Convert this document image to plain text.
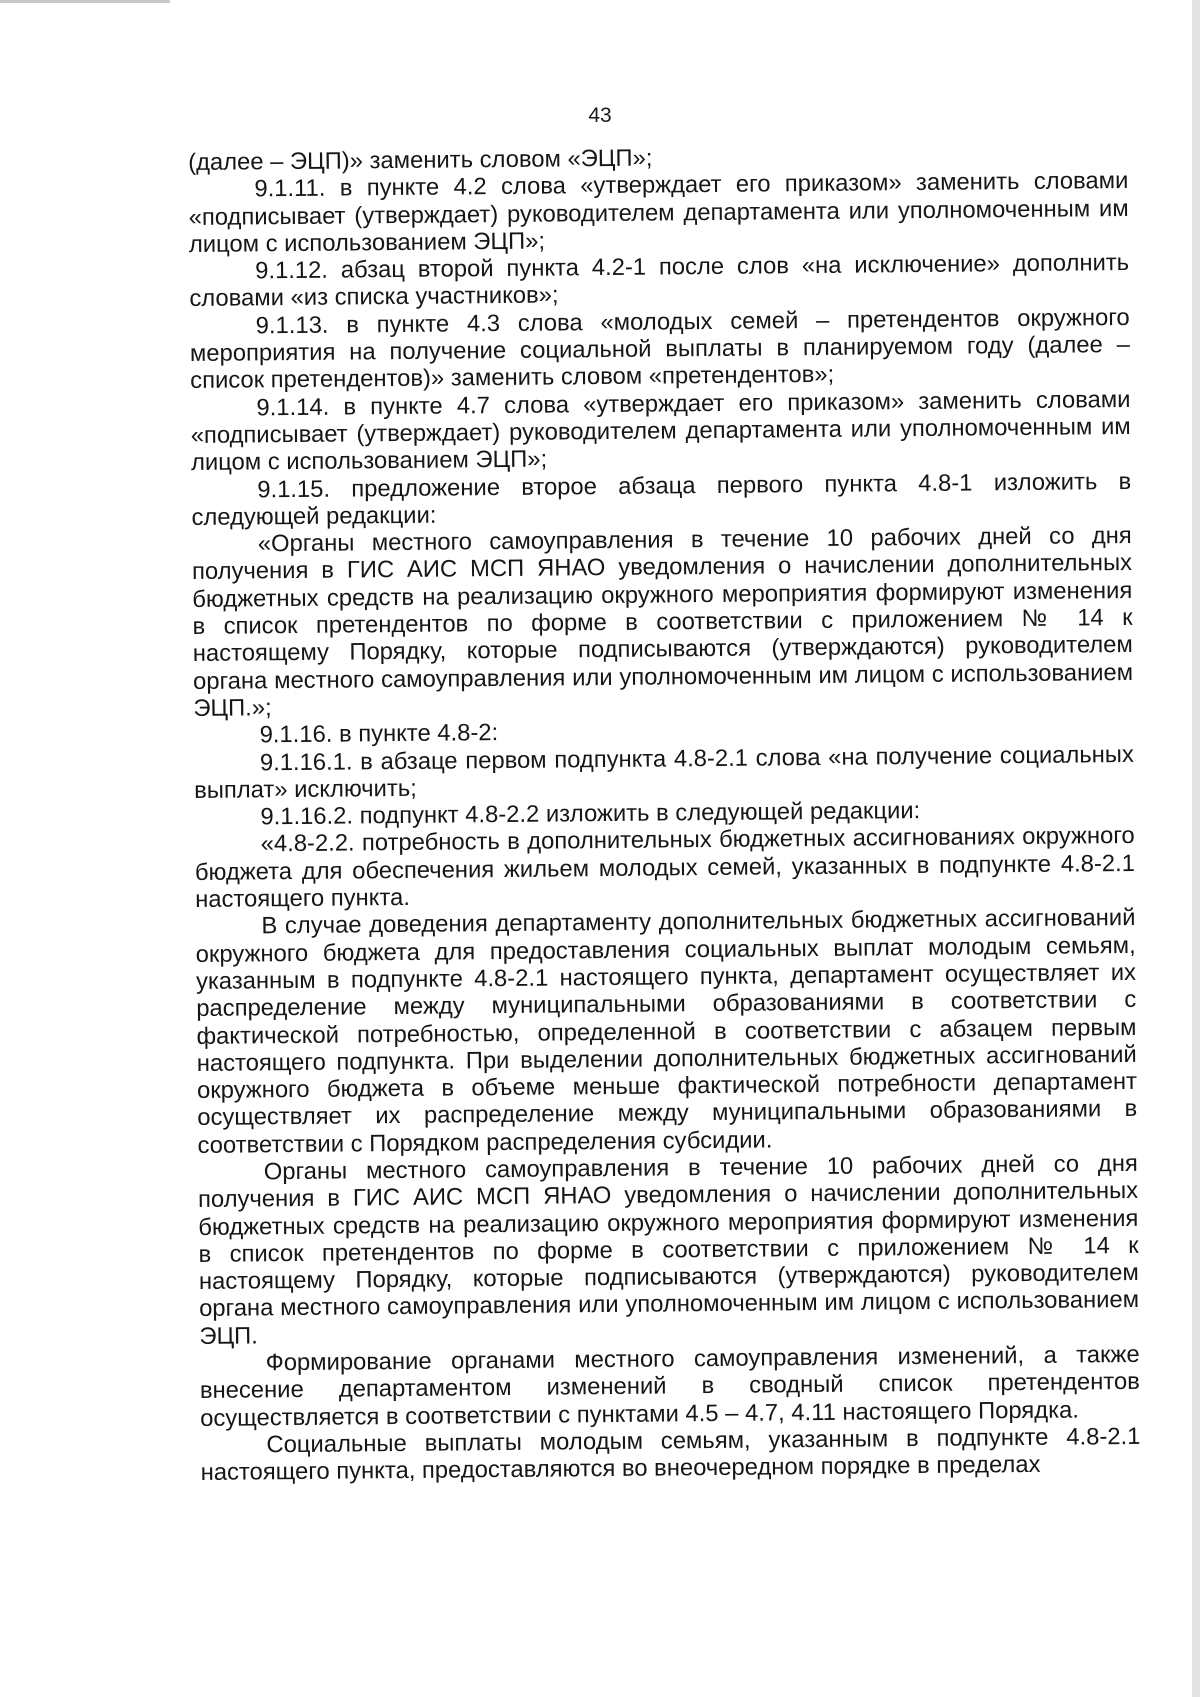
43

(далее – ЭЦП)» заменить словом «ЭЦП»;

9.1.11. в пункте 4.2 слова «утверждает его приказом» заменить словами «подписывает (утверждает) руководителем департамента или уполномоченным им лицом с использованием ЭЦП»;

9.1.12. абзац второй пункта 4.2-1 после слов «на исключение» дополнить словами «из списка участников»;

9.1.13. в пункте 4.3 слова «молодых семей – претендентов окружного мероприятия на получение социальной выплаты в планируемом году (далее – список претендентов)» заменить словом «претендентов»;

9.1.14. в пункте 4.7 слова «утверждает его приказом» заменить словами «подписывает (утверждает) руководителем департамента или уполномоченным им лицом с использованием ЭЦП»;

9.1.15. предложение второе абзаца первого пункта 4.8-1 изложить в следующей редакции:

«Органы местного самоуправления в течение 10 рабочих дней со дня получения в ГИС АИС МСП ЯНАО уведомления о начислении дополнительных бюджетных средств на реализацию окружного мероприятия формируют изменения в список претендентов по форме в соответствии с приложением № 14 к настоящему Порядку, которые подписываются (утверждаются) руководителем органа местного самоуправления или уполномоченным им лицом с использованием ЭЦП.»;

9.1.16. в пункте 4.8-2:

9.1.16.1. в абзаце первом подпункта 4.8-2.1 слова «на получение социальных выплат» исключить;

9.1.16.2. подпункт 4.8-2.2 изложить в следующей редакции:

«4.8-2.2. потребность в дополнительных бюджетных ассигнованиях окружного бюджета для обеспечения жильем молодых семей, указанных в подпункте 4.8-2.1 настоящего пункта.

В случае доведения департаменту дополнительных бюджетных ассигнований окружного бюджета для предоставления социальных выплат молодым семьям, указанным в подпункте 4.8-2.1 настоящего пункта, департамент осуществляет их распределение между муниципальными образованиями в соответствии с фактической потребностью, определенной в соответствии с абзацем первым настоящего подпункта. При выделении дополнительных бюджетных ассигнований окружного бюджета в объеме меньше фактической потребности департамент осуществляет их распределение между муниципальными образованиями в соответствии с Порядком распределения субсидии.

Органы местного самоуправления в течение 10 рабочих дней со дня получения в ГИС АИС МСП ЯНАО уведомления о начислении дополнительных бюджетных средств на реализацию окружного мероприятия формируют изменения в список претендентов по форме в соответствии с приложением № 14 к настоящему Порядку, которые подписываются (утверждаются) руководителем органа местного самоуправления или уполномоченным им лицом с использованием ЭЦП.

Формирование органами местного самоуправления изменений, а также внесение департаментом изменений в сводный список претендентов осуществляется в соответствии с пунктами 4.5 – 4.7, 4.11 настоящего Порядка.

Социальные выплаты молодым семьям, указанным в подпункте 4.8-2.1 настоящего пункта, предоставляются во внеочередном порядке в пределах
